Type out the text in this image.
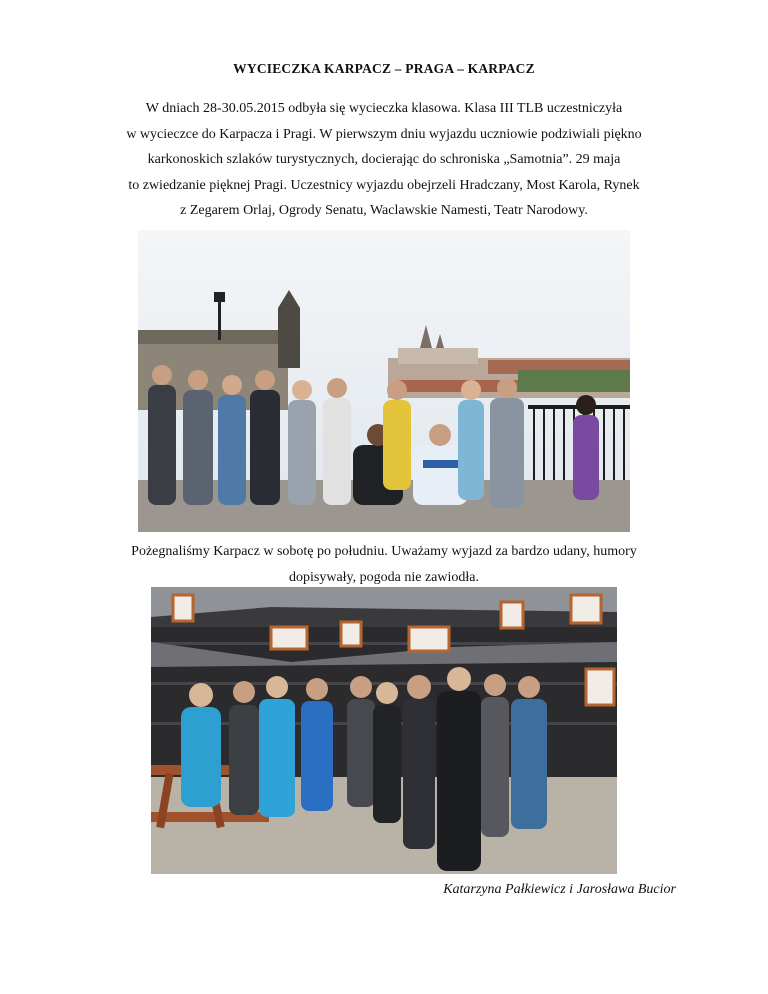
WYCIECZKA KARPACZ – PRAGA – KARPACZ
W dniach 28-30.05.2015 odbyła się wycieczka klasowa. Klasa III TLB uczestniczyła
w wycieczce do Karpacza i Pragi. W pierwszym dniu wyjazdu uczniowie podziwiali piękno
karkonoskich szlaków turystycznych, docierając do schroniska „Samotnia”. 29 maja
to zwiedzanie pięknej Pragi. Uczestnicy wyjazdu obejrzeli Hradczany, Most Karola, Rynek
z Zegarem Orlaj, Ogrody Senatu, Waclawskie Namesti, Teatr Narodowy.
Pożegnaliśmy Karpacz w sobotę po południu. Uważamy wyjazd za bardzo udany, humory
dopisywały, pogoda nie zawiodła.
Katarzyna Pałkiewicz i Jarosława Bucior
